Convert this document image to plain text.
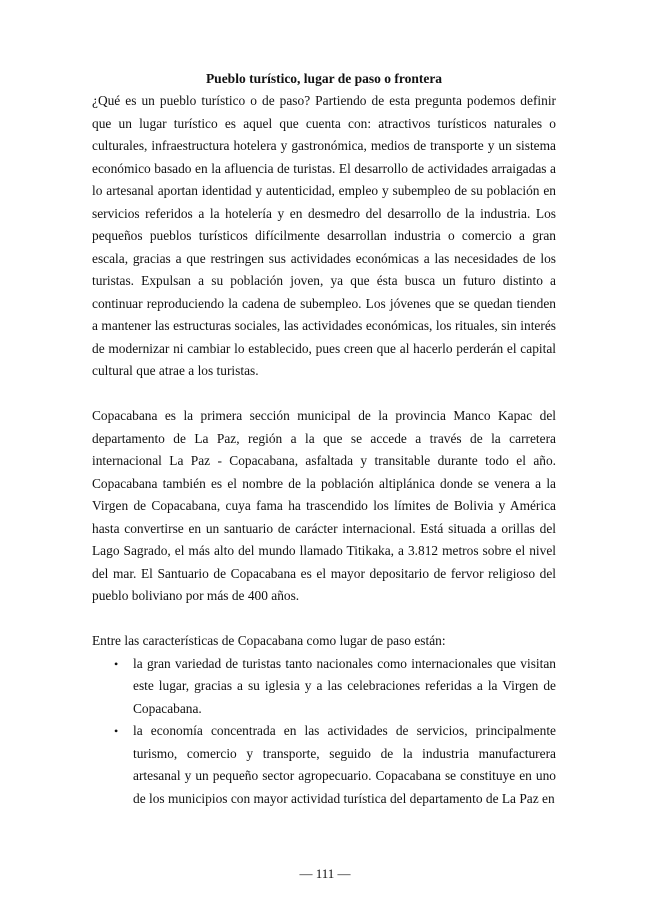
Pueblo turístico, lugar de paso o frontera

¿Qué es un pueblo turístico o de paso? Partiendo de esta pregunta podemos definir que un lugar turístico es aquel que cuenta con: atractivos turísticos naturales o culturales, infraestructura hotelera y gastronómica, medios de transporte y un sistema económico basado en la afluencia de turistas. El desarrollo de actividades arraigadas a lo artesanal aportan identidad y autenticidad, empleo y subempleo de su población en servicios referidos a la hotelería y en desmedro del desarrollo de la industria. Los pequeños pueblos turísticos difícilmente desarrollan industria o comercio a gran escala, gracias a que restringen sus actividades económicas a las necesidades de los turistas. Expulsan a su población joven, ya que ésta busca un futuro distinto a continuar reproduciendo la cadena de subempleo. Los jóvenes que se quedan tienden a mantener las estructuras sociales, las actividades económicas, los rituales, sin interés de modernizar ni cambiar lo establecido, pues creen que al hacerlo perderán el capital cultural que atrae a los turistas.

Copacabana es la primera sección municipal de la provincia Manco Kapac del departamento de La Paz, región a la que se accede a través de la carretera internacional La Paz - Copacabana, asfaltada y transitable durante todo el año. Copacabana también es el nombre de la población altiplánica donde se venera a la Virgen de Copacabana, cuya fama ha trascendido los límites de Bolivia y América hasta convertirse en un santuario de carácter internacional. Está situada a orillas del Lago Sagrado, el más alto del mundo llamado Titikaka, a 3.812 metros sobre el nivel del mar. El Santuario de Copacabana es el mayor depositario de fervor religioso del pueblo boliviano por más de 400 años.

Entre las características de Copacabana como lugar de paso están:

• la gran variedad de turistas tanto nacionales como internacionales que visitan este lugar, gracias a su iglesia y a las celebraciones referidas a la Virgen de Copacabana.
• la economía concentrada en las actividades de servicios, principalmente turismo, comercio y transporte, seguido de la industria manufacturera artesanal y un pequeño sector agropecuario. Copacabana se constituye en uno de los municipios con mayor actividad turística del departamento de La Paz en
— 111 —
